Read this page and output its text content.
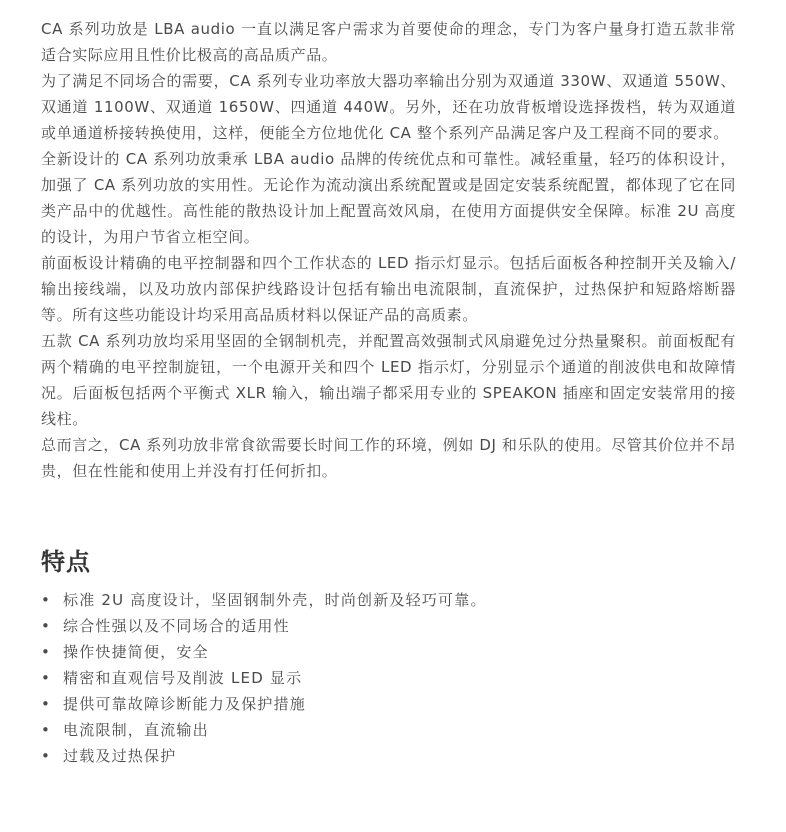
CA 系列功放是 LBA audio 一直以满足客户需求为首要使命的理念，专门为客户量身打造五款非常适合实际应用且性价比极高的高品质产品。

为了满足不同场合的需要，CA 系列专业功率放大器功率输出分别为双通道 330W、双通道 550W、双通道 1100W、双通道 1650W、四通道 440W。另外，还在功放背板增设选择拨档，转为双通道或单通道桥接转换使用，这样，便能全方位地优化 CA 整个系列产品满足客户及工程商不同的要求。

全新设计的 CA 系列功放秉承 LBA audio 品牌的传统优点和可靠性。减轻重量，轻巧的体积设计，加强了 CA 系列功放的实用性。无论作为流动演出系统配置或是固定安装系统配置，都体现了它在同类产品中的优越性。高性能的散热设计加上配置高效风扇，在使用方面提供安全保障。标准 2U 高度的设计，为用户节省立柜空间。

前面板设计精确的电平控制器和四个工作状态的 LED 指示灯显示。包括后面板各种控制开关及输入/输出接线端，以及功放内部保护线路设计包括有输出电流限制，直流保护，过热保护和短路熔断器等。所有这些功能设计均采用高品质材料以保证产品的高质素。

五款 CA 系列功放均采用坚固的全钢制机壳，并配置高效强制式风扇避免过分热量聚积。前面板配有两个精确的电平控制旋钮，一个电源开关和四个 LED 指示灯，分别显示个通道的削波供电和故障情况。后面板包括两个平衡式 XLR 输入，输出端子都采用专业的 SPEAKON 插座和固定安装常用的接线柱。

总而言之，CA 系列功放非常食欲需要长时间工作的环境，例如 DJ 和乐队的使用。尽管其价位并不昂贵，但在性能和使用上并没有打任何折扣。

特点
• 标准 2U 高度设计，坚固钢制外壳，时尚创新及轻巧可靠。
• 综合性强以及不同场合的适用性
• 操作快捷简便，安全
• 精密和直观信号及削波 LED 显示
• 提供可靠故障诊断能力及保护措施
• 电流限制，直流输出
• 过载及过热保护
